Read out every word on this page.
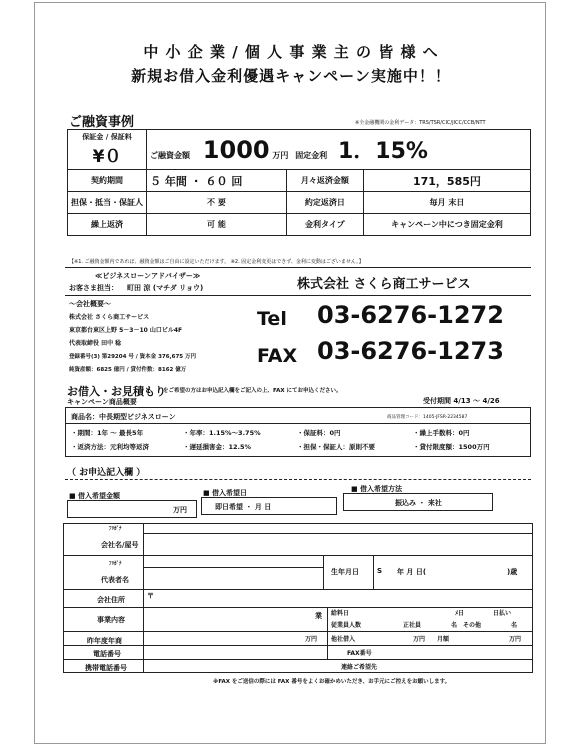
中 小 企 業 / 個 人 事 業 主 の 皆 様 へ
新規お借入金利優遇キャンペーン実施中！！
ご融資事例	※全金融機関の金利データ：TRS/TSR/CIC/JICC/CCB/NTT
保証金 / 保証料
¥０	ご融資金額 1000 万円 固定金利 1．15%		
契約期間	５ 年間 ・ ６０ 回	月々返済金額	171，585円
担保・抵当・保証人	不 要	約定返済日	毎月 末日
繰上返済	可 能	金利タイプ	キャンペーン中につき固定金利
【※1. ご融資金額内であれば、融資金額はご自由に設定いただけます。 ※2. 固定金利変更はできず、金利に変動はございません。】
≪ビジネスローンアドバイザー≫
お客さま担当： 町田 涼 (マチダ リョウ)	株式会社 さくら商工サービス
～会社概要～
株式会社 さくら商工サービス
東京都台東区上野 5－3－10 山口ビル4F
代表取締役 田中 稔
登録番号(3) 第29204 号 / 資本金 376,675 万円
純資産額：6825 億円 / 貸付件数：8162 億万
Tel 03-6276-1272
FAX 03-6276-1273
お借入・お見積もり
をご希望の方はお申込記入欄をご記入の上、FAX にてお申込ください。
キャンペーン商品概要	受付期間 4/13 ～ 4/26
商品名：中長期型ビジネスローン	商品管理コード：1405-JFSR-2234587
・期間：1年 ～ 最長5年	・年率：1.15%～3.75%	・保証料：0円	・繰上手数料：0円
・返済方法：元利均等返済	・遅延損害金：12.5%	・担保・保証人：原則不要	・貸付限度額：1500万円
（ お申込記入欄 ）
■ 借入希望金額
万円
■ 借入希望日
即日希望 ・ 月 日
■ 借入希望方法
振込み ・ 来社
ﾌﾘｶﾞﾅ
会社名/屋号
ﾌﾘｶﾞﾅ
代表者名
生年月日	S 年 月 日(	)歳
会社住所	〒
事業内容	業 給料日	ﾒ日	日払い
従業員人数	正社員	名 その他	名
昨年度年商	万円 他社借入	万円 月額	万円
電話番号	FAX番号
携帯電話番号	連絡ご希望先
※FAX をご送信の際には FAX 番号をよくお確かめいただき、お手元にご控えをお願いします。
